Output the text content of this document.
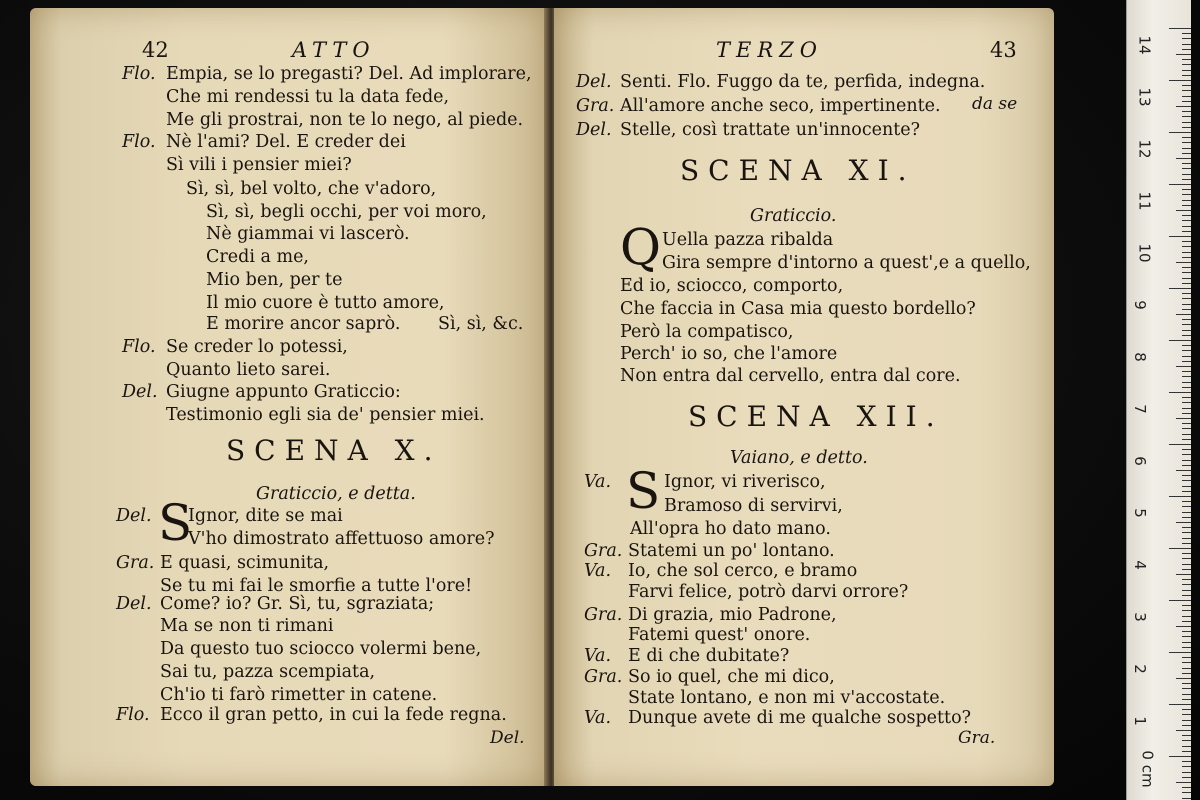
42	ATTO
Flo. Empia, se lo pregasti? Del. Ad implorare,
Che mi rendessi tu la data fede,
Me gli prostrai, non te lo nego, al piede.
Flo. Nè l'ami? Del. E creder dei
Sì vili i pensier miei?
Sì, sì, bel volto, che v'adoro,
Sì, sì, begli occhi, per voi moro,
Nè giammai vi lascerò.
Credi a me,
Mio ben, per te
Il mio cuore è tutto amore,
E morire ancor saprò. Sì, sì, &c.
Flo. Se creder lo potessi,
Quanto lieto sarei.
Del. Giugne appunto Graticcio:
Testimonio egli sia de' pensier miei.
SCENA X.
Graticcio, e detta.
S
Del. Ignor, dite se mai
V'ho dimostrato affettuoso amore?
Gra. E quasi, scimunita,
Se tu mi fai le smorfie a tutte l'ore!
Del. Come? io? Gr. Sì, tu, sgraziata;
Ma se non ti rimani
Da questo tuo sciocco volermi bene,
Sai tu, pazza scempiata,
Ch'io ti farò rimetter in catene.
Flo. Ecco il gran petto, in cui la fede regna.
Del.
TERZO	43
Del. Senti. Flo. Fuggo da te, perfida, indegna.
Gra. All'amore anche seco, impertinente. da se
Del. Stelle, così trattate un'innocente?
SCENA XI.
Graticcio.
Q Uella pazza ribalda
Gira sempre d'intorno a quest',e a quello,
Ed io, sciocco, comporto,
Che faccia in Casa mia questo bordello?
Però la compatisco,
Perch' io so, che l'amore
Non entra dal cervello, entra dal core.
SCENA XII.
Vaiano, e detto.
S
Va.	Ignor, vi riverisco,
Bramoso di servirvi,
All'opra ho dato mano.
Gra. Statemi un po' lontano.
Va. Io, che sol cerco, e bramo
Farvi felice, potrò darvi orrore?
Gra. Di grazia, mio Padrone,
Fatemi quest' onore.
Va. E di che dubitate?
Gra. So io quel, che mi dico,
State lontano, e non mi v'accostate.
Va. Dunque avete di me qualche sospetto?
Gra.
14
13
12
11
10
9
8
7
6
5
4
3
2
1
0 cm
